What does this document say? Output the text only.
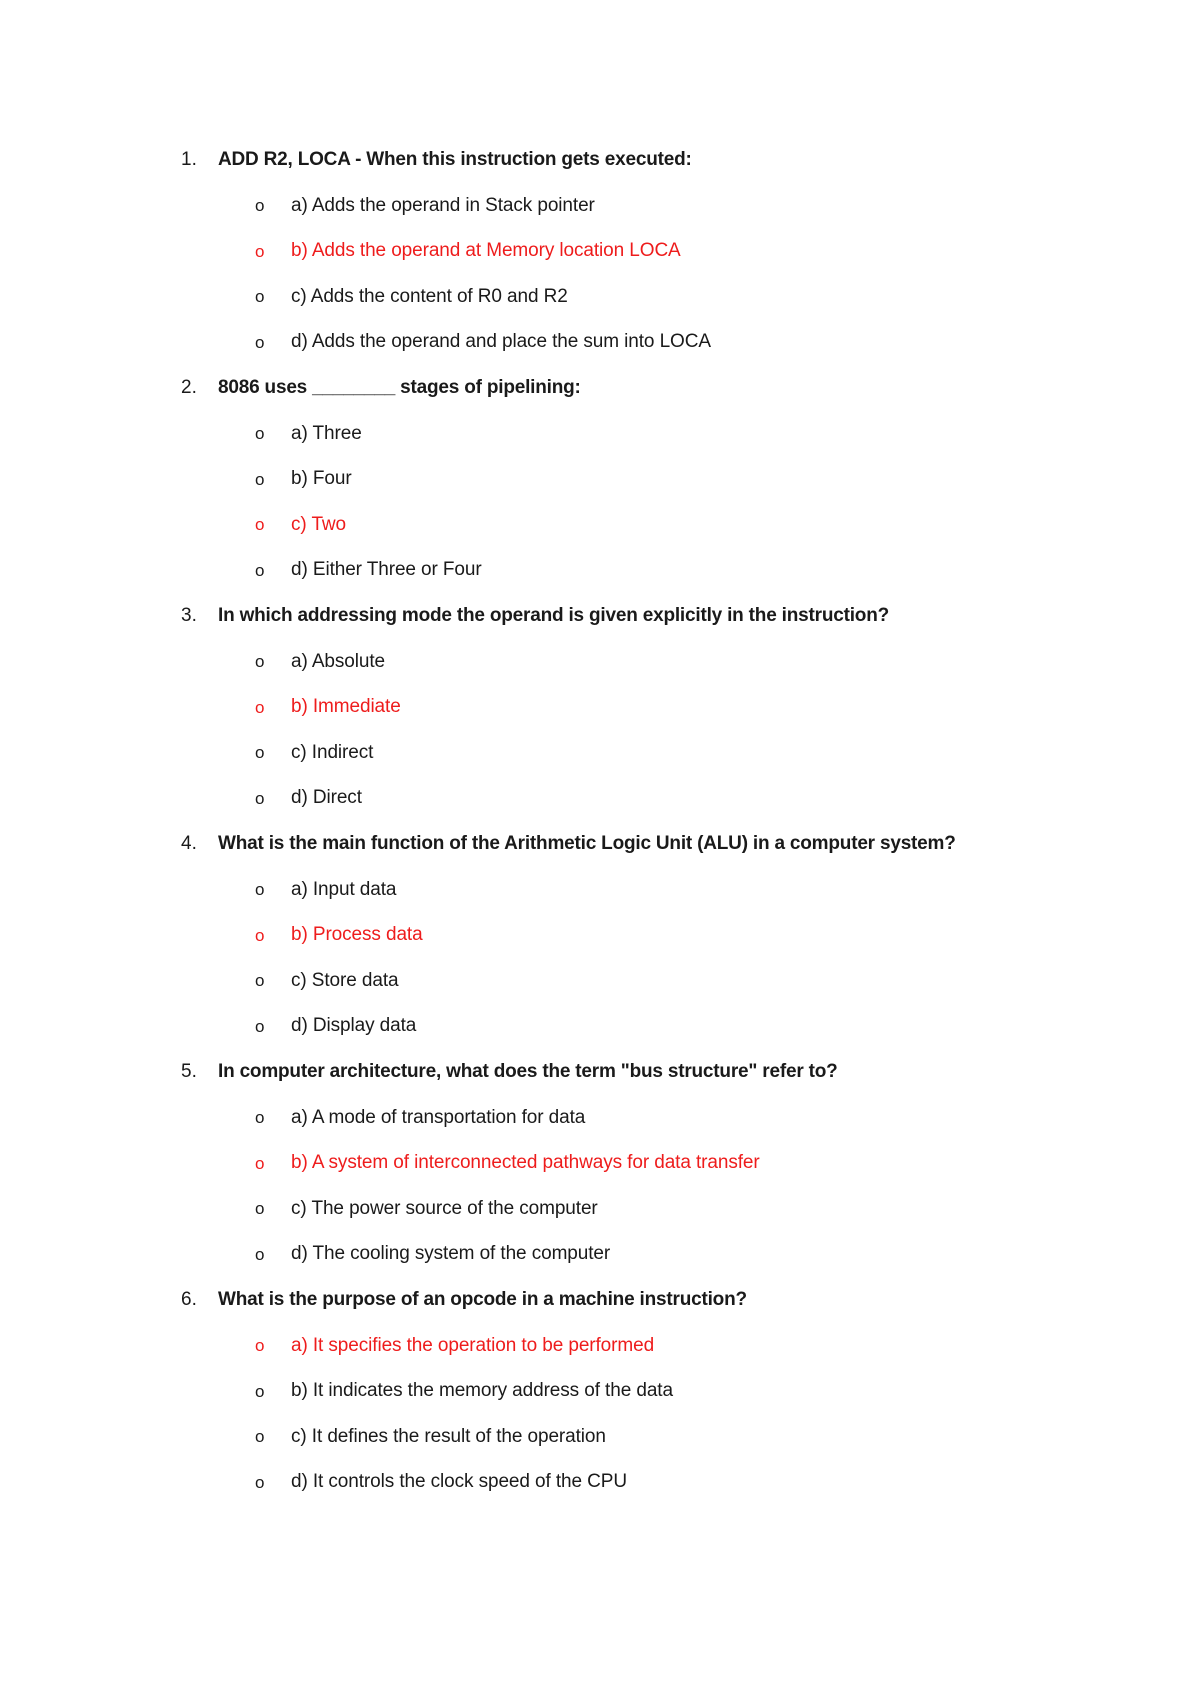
1. ADD R2, LOCA - When this instruction gets executed:
o a) Adds the operand in Stack pointer
o b) Adds the operand at Memory location LOCA
o c) Adds the content of R0 and R2
o d) Adds the operand and place the sum into LOCA
2. 8086 uses ________ stages of pipelining:
o a) Three
o b) Four
o c) Two
o d) Either Three or Four
3. In which addressing mode the operand is given explicitly in the instruction?
o a) Absolute
o b) Immediate
o c) Indirect
o d) Direct
4. What is the main function of the Arithmetic Logic Unit (ALU) in a computer system?
o a) Input data
o b) Process data
o c) Store data
o d) Display data
5. In computer architecture, what does the term "bus structure" refer to?
o a) A mode of transportation for data
o b) A system of interconnected pathways for data transfer
o c) The power source of the computer
o d) The cooling system of the computer
6. What is the purpose of an opcode in a machine instruction?
o a) It specifies the operation to be performed
o b) It indicates the memory address of the data
o c) It defines the result of the operation
o d) It controls the clock speed of the CPU
